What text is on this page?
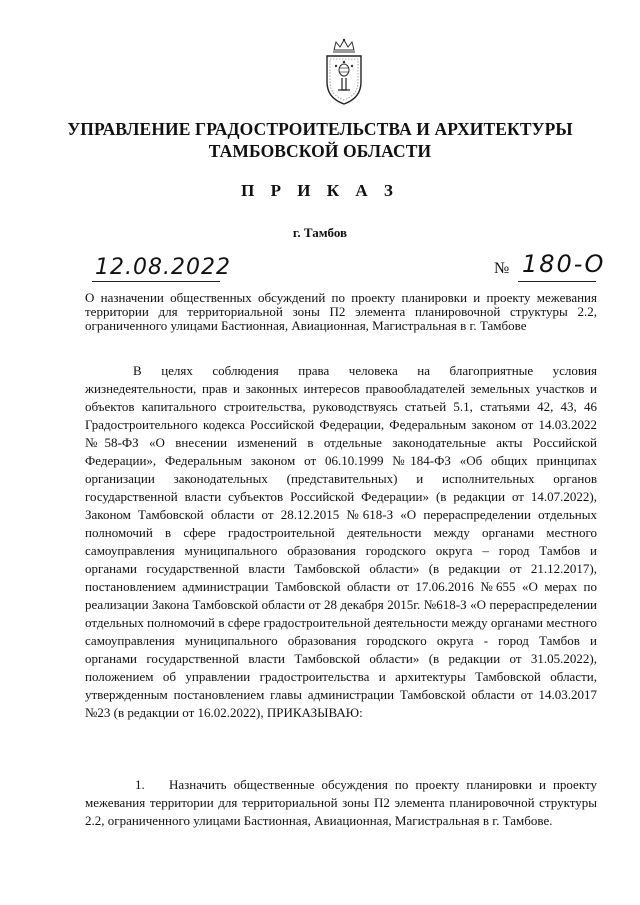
УПРАВЛЕНИЕ ГРАДОСТРОИТЕЛЬСТВА И АРХИТЕКТУРЫ
ТАМБОВСКОЙ ОБЛАСТИ
П Р И К А З
г. Тамбов
12.08.2022	№ 180-О
О назначении общественных обсуждений по проекту планировки и проекту межевания территории для территориальной зоны П2 элемента планировочной структуры 2.2, ограниченного улицами Бастионная, Авиационная, Магистральная в г. Тамбове
В целях соблюдения права человека на благоприятные условия жизнедеятельности, прав и законных интересов правообладателей земельных участков и объектов капитального строительства, руководствуясь статьей 5.1, статьями 42, 43, 46 Градостроительного кодекса Российской Федерации, Федеральным законом от 14.03.2022 №58-ФЗ «О внесении изменений в отдельные законодательные акты Российской Федерации», Федеральным законом от 06.10.1999 №184-ФЗ «Об общих принципах организации законодательных (представительных) и исполнительных органов государственной власти субъектов Российской Федерации» (в редакции от 14.07.2022), Законом Тамбовской области от 28.12.2015 №618-З «О перераспределении отдельных полномочий в сфере градостроительной деятельности между органами местного самоуправления муниципального образования городского округа – город Тамбов и органами государственной власти Тамбовской области» (в редакции от 21.12.2017), постановлением администрации Тамбовской области от 17.06.2016 №655 «О мерах по реализации Закона Тамбовской области от 28 декабря 2015г. №618-З «О перераспределении отдельных полномочий в сфере градостроительной деятельности между органами местного самоуправления муниципального образования городского округа - город Тамбов и органами государственной власти Тамбовской области» (в редакции от 31.05.2022), положением об управлении градостроительства и архитектуры Тамбовской области, утвержденным постановлением главы администрации Тамбовской области от 14.03.2017 №23 (в редакции от 16.02.2022), ПРИКАЗЫВАЮ:
1. Назначить общественные обсуждения по проекту планировки и проекту межевания территории для территориальной зоны П2 элемента планировочной структуры 2.2, ограниченного улицами Бастионная, Авиационная, Магистральная в г. Тамбове.
